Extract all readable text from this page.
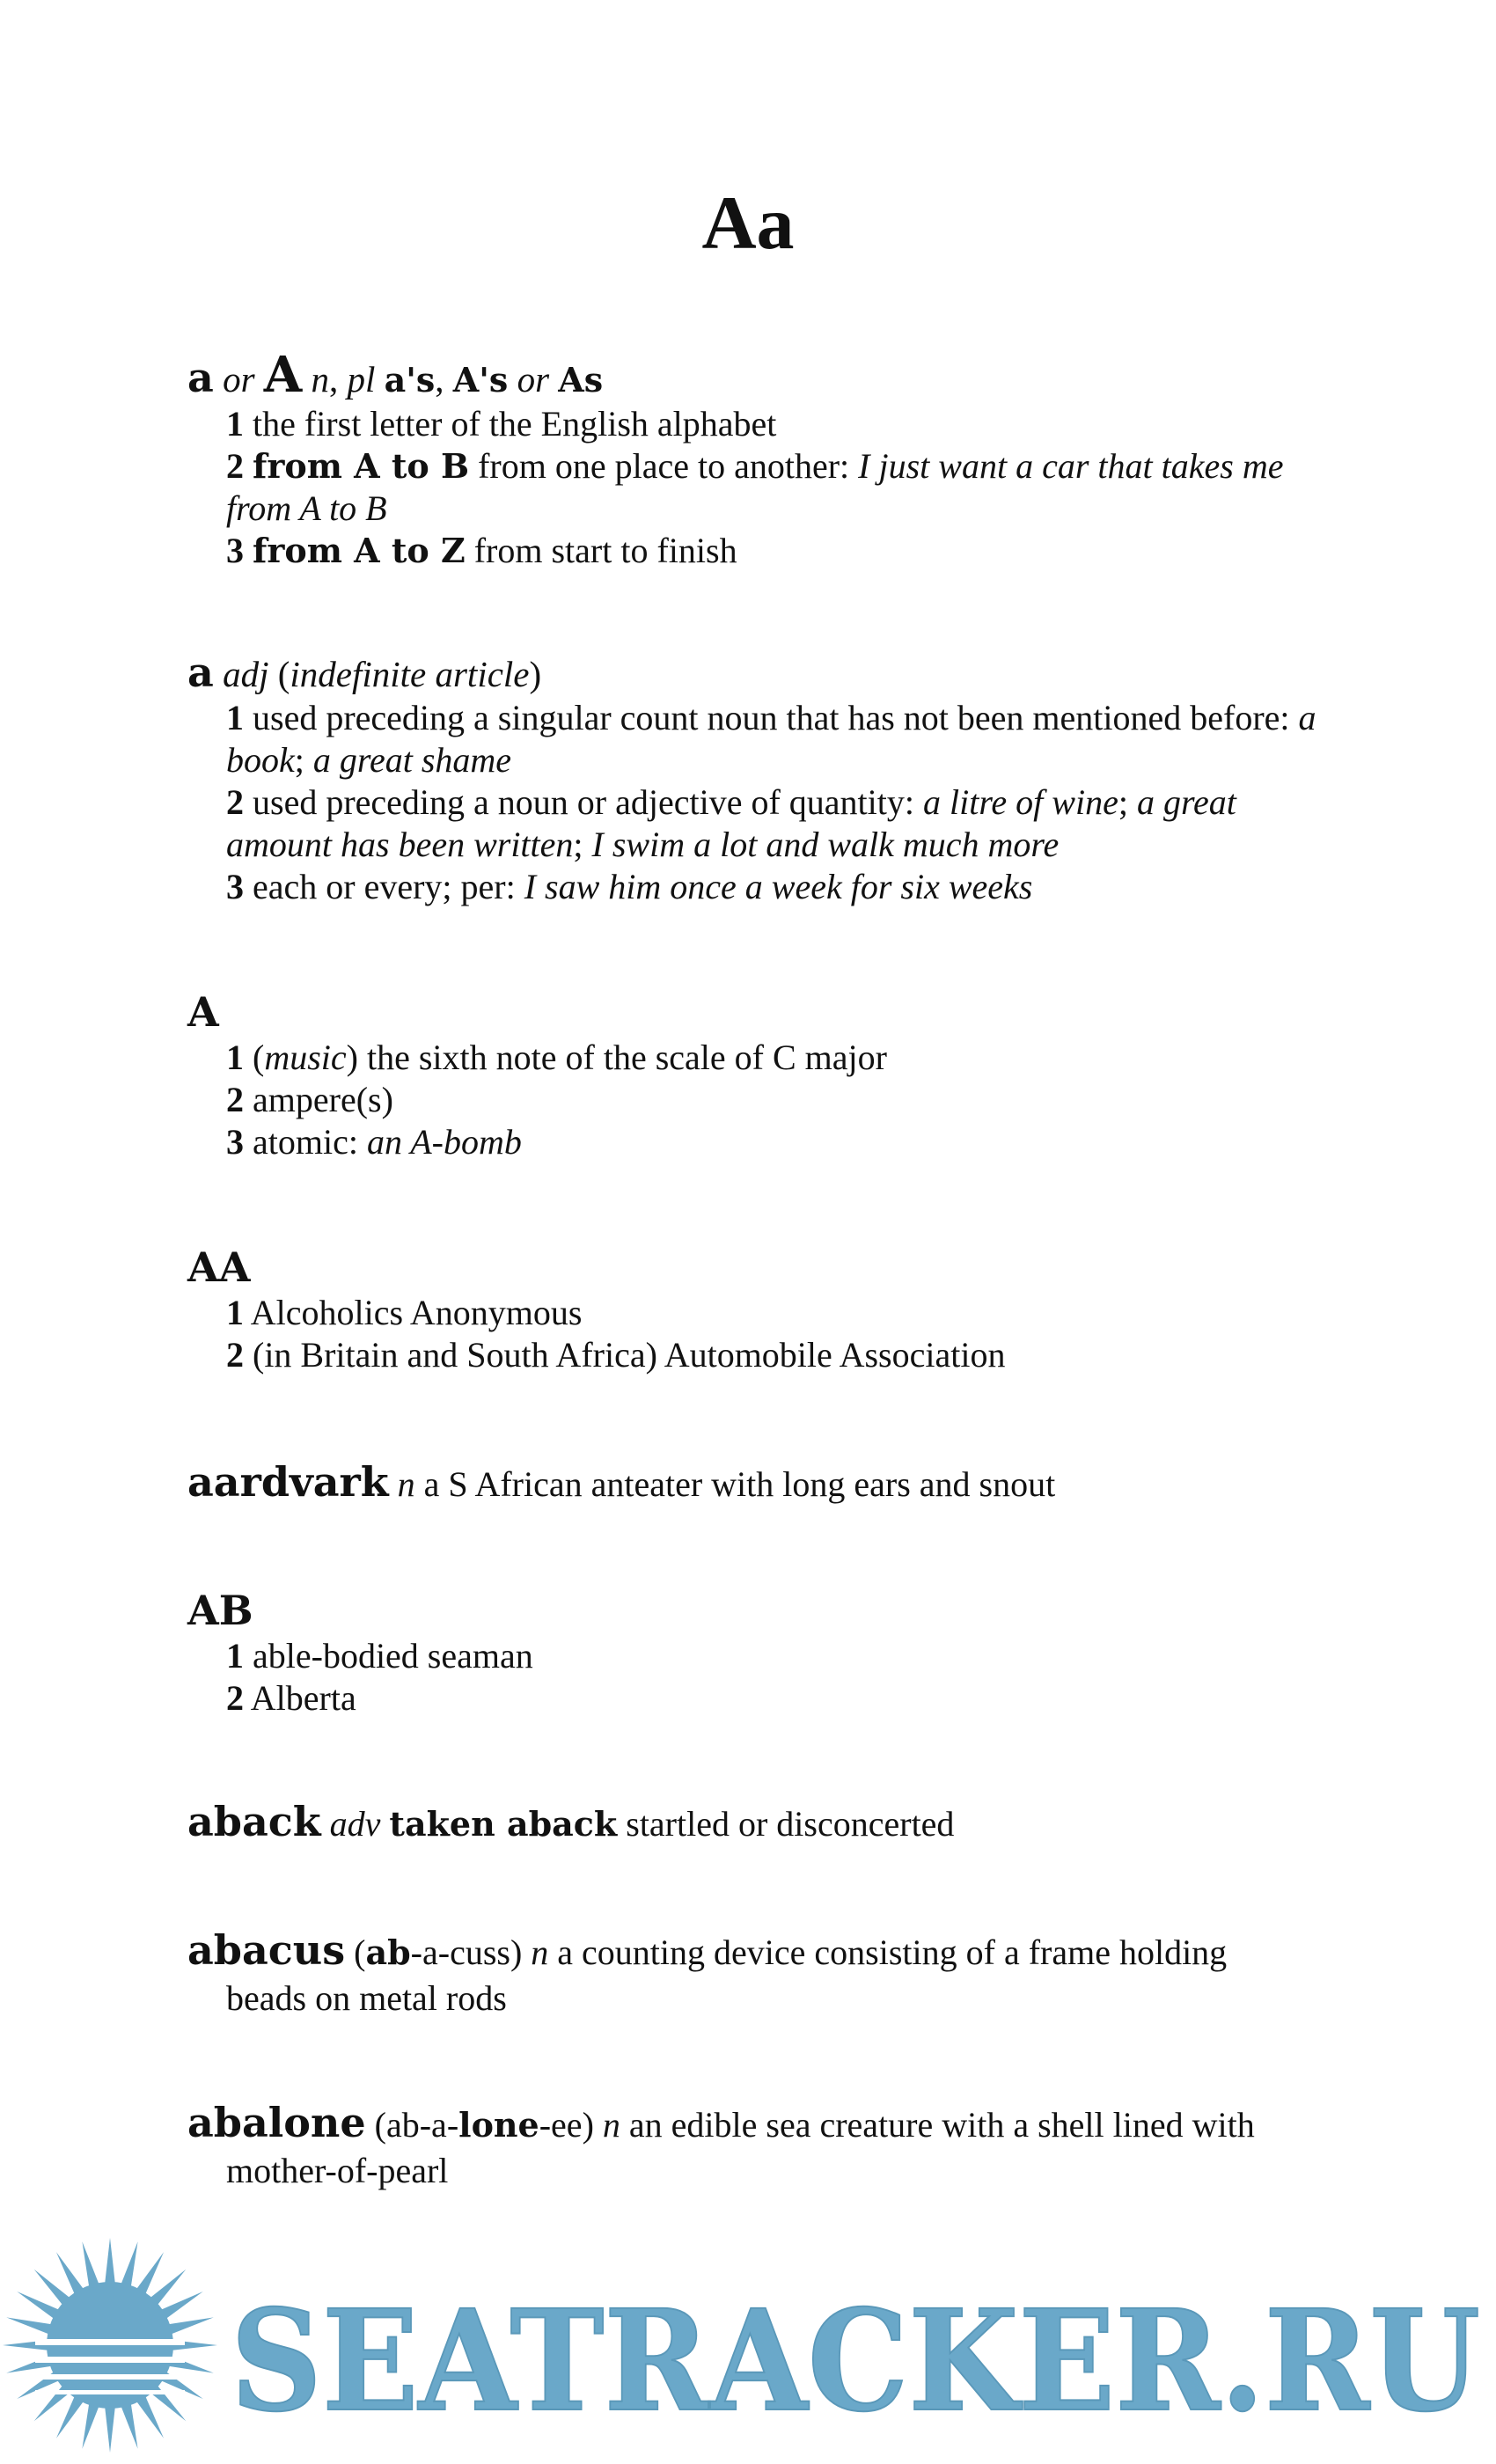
Aa
a or A n, pl a's, A's or As
1 the first letter of the English alphabet
2 from A to B from one place to another: I just want a car that takes me from A to B
3 from A to Z from start to finish
a adj (indefinite article)
1 used preceding a singular count noun that has not been mentioned before: a book; a great shame
2 used preceding a noun or adjective of quantity: a litre of wine; a great amount has been written; I swim a lot and walk much more
3 each or every; per: I saw him once a week for six weeks
A
1 (music) the sixth note of the scale of C major
2 ampere(s)
3 atomic: an A-bomb
AA
1 Alcoholics Anonymous
2 (in Britain and South Africa) Automobile Association
aardvark n a S African anteater with long ears and snout
AB
1 able-bodied seaman
2 Alberta
aback adv taken aback startled or disconcerted
abacus (ab-a-cuss) n a counting device consisting of a frame holding
beads on metal rods
abalone (ab-a-lone-ee) n an edible sea creature with a shell lined with
mother-of-pearl
SEATRACKER.RU
